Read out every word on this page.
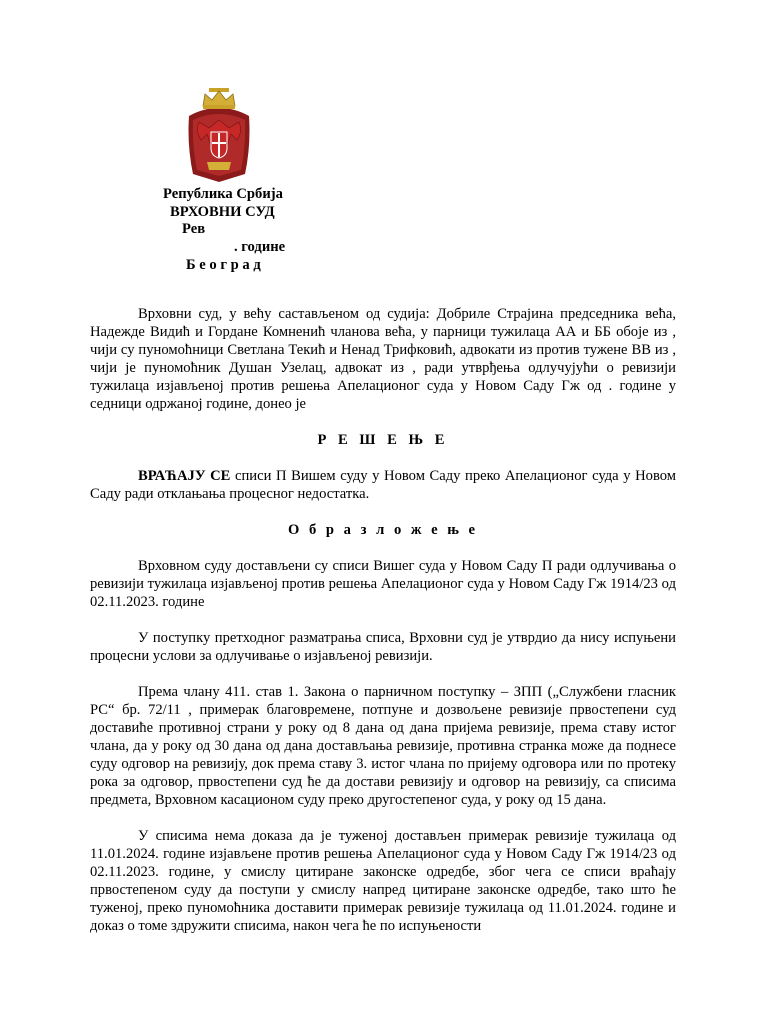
Република Србија
ВРХОВНИ СУД
Рев
. године
Б е о г р а д

Врховни суд, у већу састављеном од судија: Добриле Страјина председника већа, Надежде Видић и Гордане Комненић чланова већа, у парници тужилаца АА и ББ обоје из , чији су пуномоћници Светлана Текић и Ненад Трифковић, адвокати из против тужене ВВ из , чији је пуномоћник Душан Узелац, адвокат из , ради утврђења одлучујући о ревизији тужилаца изјављеној против решења Апелационог суда у Новом Саду Гж од . године у седници одржаној године, донео је

Р Е Ш Е Њ Е

ВРАЋАЈУ СЕ списи П Вишем суду у Новом Саду преко Апелационог суда у Новом Саду ради отклањања процесног недостатка.

О б р а з л о ж е њ е

Врховном суду достављени су списи Вишег суда у Новом Саду П ради одлучивања о ревизији тужилаца изјављеној против решења Апелационог суда у Новом Саду Гж 1914/23 од 02.11.2023. године

У поступку претходног разматрања списа, Врховни суд је утврдио да нису испуњени процесни услови за одлучивање о изјављеној ревизији.

Према члану 411. став 1. Закона о парничном поступку – ЗПП („Службени гласник РС“ бр. 72/11 , примерак благовремене, потпуне и дозвољене ревизије првостепени суд доставиће противној страни у року од 8 дана од дана пријема ревизије, према ставу истог члана, да у року од 30 дана од дана достављања ревизије, противна странка може да поднесе суду одговор на ревизију, док према ставу 3. истог члана по пријему одговора или по протеку рока за одговор, првостепени суд ће да достави ревизију и одговор на ревизију, са списима предмета, Врховном касационом суду преко другостепеног суда, у року од 15 дана.

У списима нема доказа да је туженој достављен примерак ревизије тужилаца од 11.01.2024. године изјављене против решења Апелационог суда у Новом Саду Гж 1914/23 од 02.11.2023. године, у смислу цитиране законске одредбе, због чега се списи враћају првостепеном суду да поступи у смислу напред цитиране законске одредбе, тако што ће туженој, преко пуномоћника доставити примерак ревизије тужилаца од 11.01.2024. године и доказ о томе здружити списима, након чега ће по испуњености
